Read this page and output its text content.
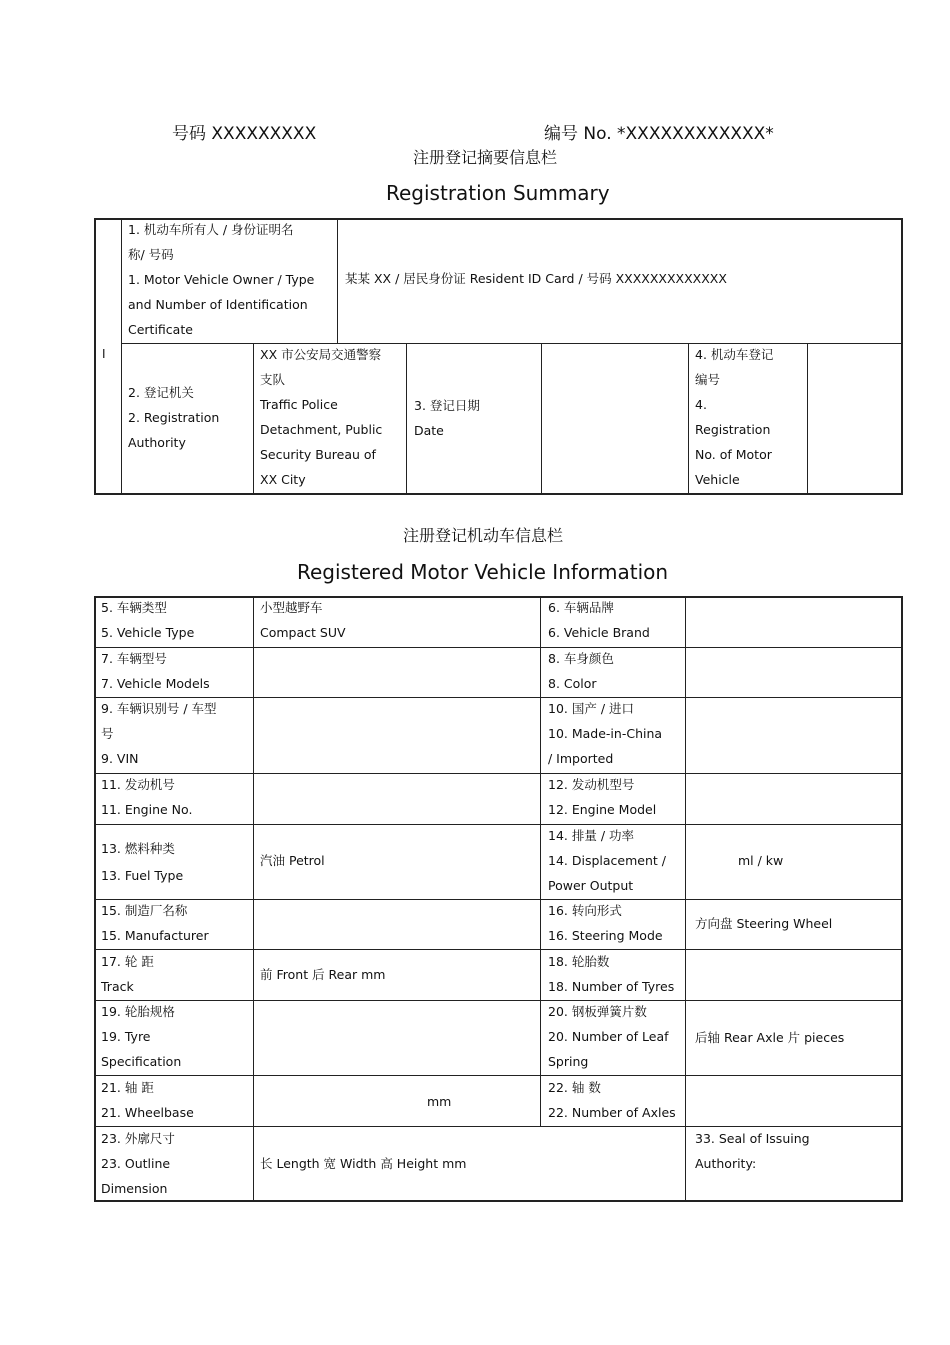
号码 XXXXXXXXX	编号 No. *XXXXXXXXXXXX*
注册登记摘要信息栏
Registration Summary
I
1. 机动车所有人 / 身份证明名
称/ 号码
1. Motor Vehicle Owner / Type
and Number of Identification
Certificate
某某 XX / 居民身份证 Resident ID Card / 号码 XXXXXXXXXXXXX
2. 登记机关
2. Registration
Authority
XX 市公安局交通警察
支队
Traffic Police
Detachment, Public
Security Bureau of
XX City
3. 登记日期
Date
4. 机动车登记
编号
4.
Registration
No. of Motor
Vehicle
注册登记机动车信息栏
Registered Motor Vehicle Information
5. 车辆类型
5. Vehicle Type
小型越野车
Compact SUV
6. 车辆品牌
6. Vehicle Brand
7. 车辆型号
7. Vehicle Models
8. 车身颜色
8. Color
9. 车辆识别号 / 车型
号
9. VIN
10. 国产 / 进口
10. Made-in-China
/ Imported
11. 发动机号
11. Engine No.
12. 发动机型号
12. Engine Model
13. 燃料种类
13. Fuel Type
汽油 Petrol
14. 排量 / 功率
14. Displacement /
Power Output
ml / kw
15. 制造厂名称
15. Manufacturer
16. 转向形式
16. Steering Mode
方向盘 Steering Wheel
17. 轮 距
Track
前 Front 后 Rear mm
18. 轮胎数
18. Number of Tyres
19. 轮胎规格
19. Tyre
Specification
20. 钢板弹簧片数
20. Number of Leaf
Spring
后轴 Rear Axle 片 pieces
21. 轴 距
21. Wheelbase
mm
22. 轴 数
22. Number of Axles
23. 外廓尺寸
23. Outline
Dimension
长 Length 宽 Width 高 Height mm
33. Seal of Issuing
Authority:
